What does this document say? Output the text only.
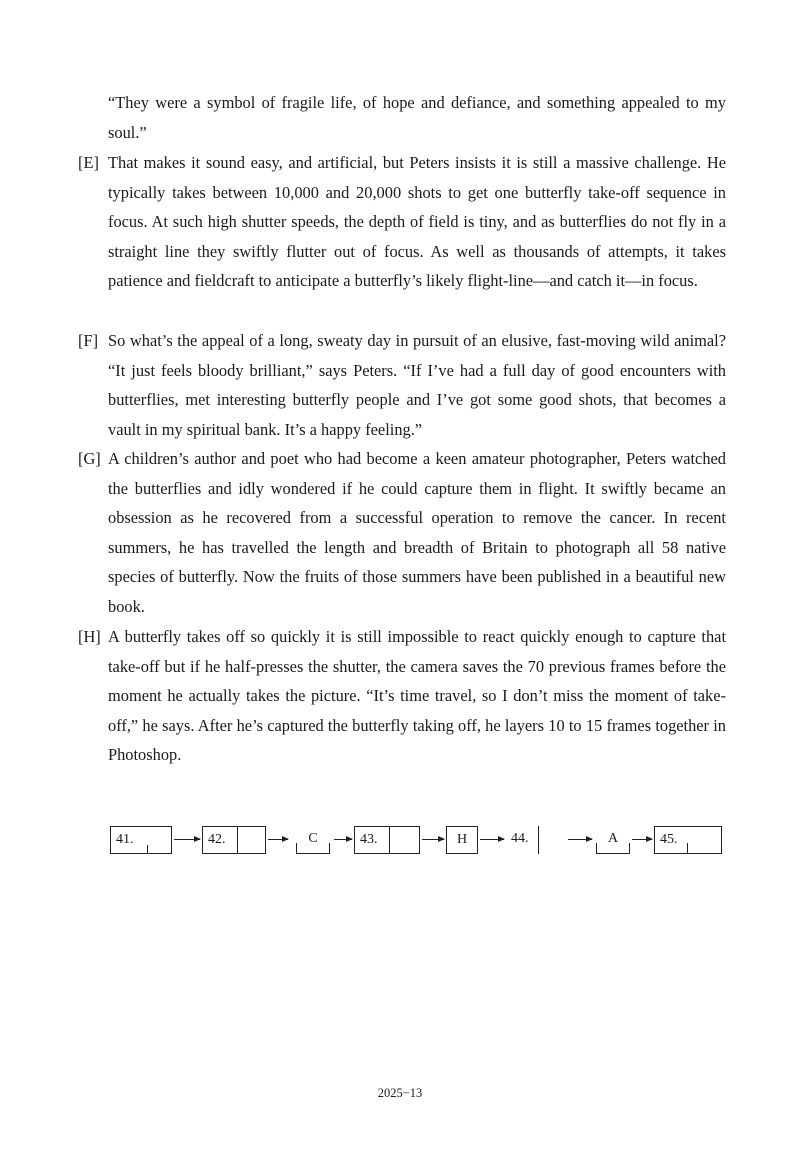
“They were a symbol of fragile life, of hope and defiance, and something appealed to my soul.”
[E] That makes it sound easy, and artificial, but Peters insists it is still a massive challenge. He typically takes between 10,000 and 20,000 shots to get one butterfly take-off sequence in focus. At such high shutter speeds, the depth of field is tiny, and as butterflies do not fly in a straight line they swiftly flutter out of focus. As well as thousands of attempts, it takes patience and fieldcraft to anticipate a butterfly’s likely flight-line—and catch it—in focus.
[F] So what’s the appeal of a long, sweaty day in pursuit of an elusive, fast-moving wild animal? “It just feels bloody brilliant,” says Peters. “If I’ve had a full day of good encounters with butterflies, met interesting butterfly people and I’ve got some good shots, that becomes a vault in my spiritual bank. It’s a happy feeling.”
[G] A children’s author and poet who had become a keen amateur photographer, Peters watched the butterflies and idly wondered if he could capture them in flight. It swiftly became an obsession as he recovered from a successful operation to remove the cancer. In recent summers, he has travelled the length and breadth of Britain to photograph all 58 native species of butterfly. Now the fruits of those summers have been published in a beautiful new book.
[H] A butterfly takes off so quickly it is still impossible to react quickly enough to capture that take-off but if he half-presses the shutter, the camera saves the 70 previous frames before the moment he actually takes the picture. “It’s time travel, so I don’t miss the moment of take-off,” he says. After he’s captured the butterfly taking off, he layers 10 to 15 frames together in Photoshop.
41.	42.	C	43.	H	44.	A	45.
2025−13
